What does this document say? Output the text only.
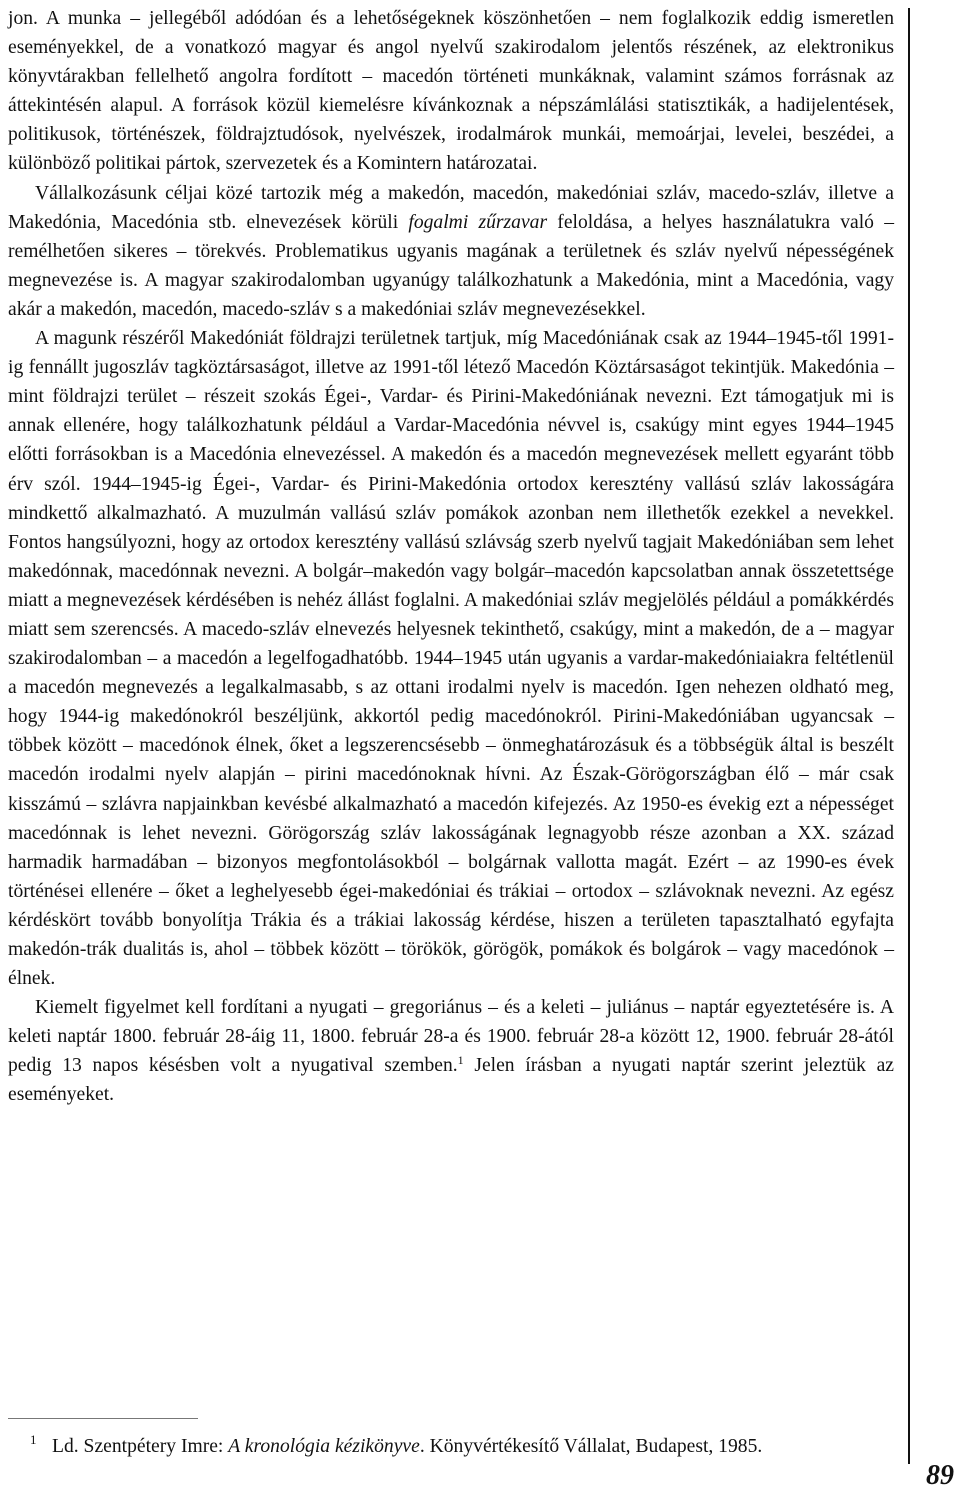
jon. A munka – jellegéből adódóan és a lehetőségeknek köszönhetően – nem foglalkozik eddig ismeretlen eseményekkel, de a vonatkozó magyar és angol nyelvű szakirodalom jelentős részének, az elektronikus könyvtárakban fellelhető angolra fordított – macedón történeti munkáknak, valamint számos forrásnak az áttekintésén alapul. A források közül kiemelésre kívánkoznak a népszámlálási statisztikák, a hadijelentések, politikusok, történészek, földrajztudósok, nyelvészek, irodalmárok munkái, memoárjai, levelei, beszédei, a különböző politikai pártok, szervezetek és a Komintern határozatai.

Vállalkozásunk céljai közé tartozik még a makedón, macedón, makedóniai szláv, macedo-szláv, illetve a Makedónia, Macedónia stb. elnevezések körüli fogalmi zűrzavar feloldása, a helyes használatukra való – remélhetően sikeres – törekvés. Problematikus ugyanis magának a területnek és szláv nyelvű népességének megnevezése is. A magyar szakirodalomban ugyanúgy találkozhatunk a Makedónia, mint a Macedónia, vagy akár a makedón, macedón, macedo-szláv s a makedóniai szláv megnevezésekkel.

A magunk részéről Makedóniát földrajzi területnek tartjuk, míg Macedóniának csak az 1944–1945-től 1991-ig fennállt jugoszláv tagköztársaságot, illetve az 1991-től létező Macedón Köztársaságot tekintjük. Makedónia – mint földrajzi terület – részeit szokás Égei-, Vardar- és Pirini-Makedóniának nevezni. Ezt támogatjuk mi is annak ellenére, hogy találkozhatunk például a Vardar-Macedónia névvel is, csakúgy mint egyes 1944–1945 előtti forrásokban is a Macedónia elnevezéssel. A makedón és a macedón megnevezések mellett egyaránt több érv szól. 1944–1945-ig Égei-, Vardar- és Pirini-Makedónia ortodox keresztény vallású szláv lakosságára mindkettő alkalmazható. A muzulmán vallású szláv pomákok azonban nem illethetők ezekkel a nevekkel. Fontos hangsúlyozni, hogy az ortodox keresztény vallású szlávság szerb nyelvű tagjait Makedóniában sem lehet makedónnak, macedónnak nevezni. A bolgár–makedón vagy bolgár–macedón kapcsolatban annak összetettsége miatt a megnevezések kérdésében is nehéz állást foglalni. A makedóniai szláv megjelölés például a pomákkérdés miatt sem szerencsés. A macedo-szláv elnevezés helyesnek tekinthető, csakúgy, mint a makedón, de a – magyar szakirodalomban – a macedón a legelfogadhatóbb. 1944–1945 után ugyanis a vardar-makedóniaiakra feltétlenül a macedón megnevezés a legalkalmasabb, s az ottani irodalmi nyelv is macedón. Igen nehezen oldható meg, hogy 1944-ig makedónokról beszéljünk, akkortól pedig macedónokról. Pirini-Makedóniában ugyancsak – többek között – macedónok élnek, őket a legszerencsésebb – önmeghatározásuk és a többségük által is beszélt macedón irodalmi nyelv alapján – pirini macedónoknak hívni. Az Észak-Görögországban élő – már csak kisszámú – szlávra napjainkban kevésbé alkalmazható a macedón kifejezés. Az 1950-es évekig ezt a népességet macedónnak is lehet nevezni. Görögország szláv lakosságának legnagyobb része azonban a XX. század harmadik harmadában – bizonyos megfontolásokból – bolgárnak vallotta magát. Ezért – az 1990-es évek történései ellenére – őket a leghelyesebb égei-makedóniai és trákiai – ortodox – szlávoknak nevezni. Az egész kérdéskört tovább bonyolítja Trákia és a trákiai lakosság kérdése, hiszen a területen tapasztalható egyfajta makedón-trák dualitás is, ahol – többek között – törökök, görögök, pomákok és bolgárok – vagy macedónok – élnek.

Kiemelt figyelmet kell fordítani a nyugati – gregoriánus – és a keleti – juliánus – naptár egyeztetésére is. A keleti naptár 1800. február 28-áig 11, 1800. február 28-a és 1900. február 28-a között 12, 1900. február 28-ától pedig 13 napos késésben volt a nyugatival szemben.$^1$ Jelen írásban a nyugati naptár szerint jeleztük az eseményeket.

1 Ld. Szentpétery Imre: A kronológia kézikönyve. Könyvértékesítő Vállalat, Budapest, 1985.
89
